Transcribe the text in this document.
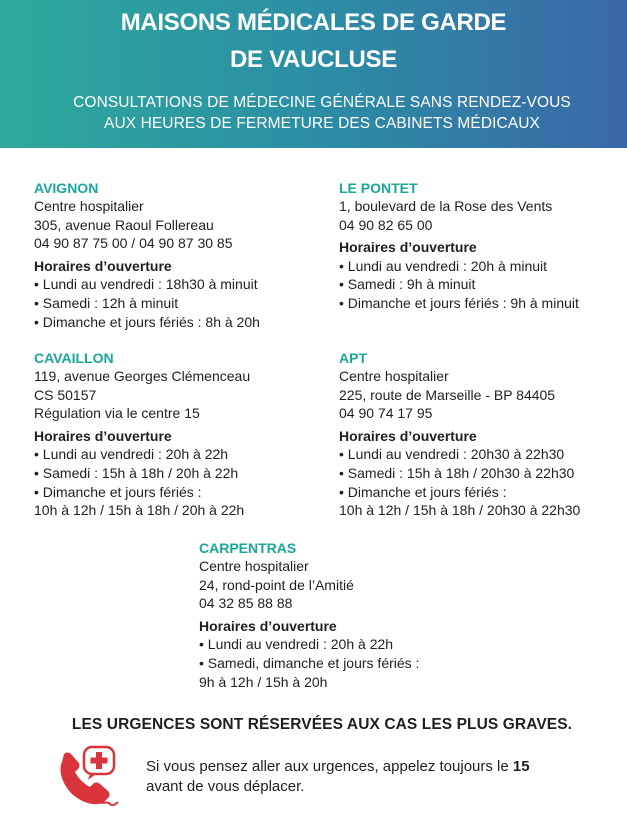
MAISONS MÉDICALES DE GARDE
DE VAUCLUSE
CONSULTATIONS DE MÉDECINE GÉNÉRALE SANS RENDEZ-VOUS
AUX HEURES DE FERMETURE DES CABINETS MÉDICAUX
AVIGNON
Centre hospitalier
305, avenue Raoul Follereau
04 90 87 75 00 / 04 90 87 30 85
Horaires d’ouverture
• Lundi au vendredi : 18h30 à minuit
• Samedi : 12h à minuit
• Dimanche et jours fériés : 8h à 20h
LE PONTET
1, boulevard de la Rose des Vents
04 90 82 65 00
Horaires d’ouverture
• Lundi au vendredi : 20h à minuit
• Samedi : 9h à minuit
• Dimanche et jours fériés : 9h à minuit
CAVAILLON
119, avenue Georges Clémenceau
CS 50157
Régulation via le centre 15
Horaires d’ouverture
• Lundi au vendredi : 20h à 22h
• Samedi : 15h à 18h / 20h à 22h
• Dimanche et jours fériés :
10h à 12h / 15h à 18h / 20h à 22h
APT
Centre hospitalier
225, route de Marseille - BP 84405
04 90 74 17 95
Horaires d’ouverture
• Lundi au vendredi : 20h30 à 22h30
• Samedi : 15h à 18h / 20h30 à 22h30
• Dimanche et jours fériés :
10h à 12h / 15h à 18h / 20h30 à 22h30
CARPENTRAS
Centre hospitalier
24, rond-point de l’Amitié
04 32 85 88 88
Horaires d’ouverture
• Lundi au vendredi : 20h à 22h
• Samedi, dimanche et jours fériés :
9h à 12h / 15h à 20h
LES URGENCES SONT RÉSERVÉES AUX CAS LES PLUS GRAVES.
Si vous pensez aller aux urgences, appelez toujours le 15
avant de vous déplacer.
